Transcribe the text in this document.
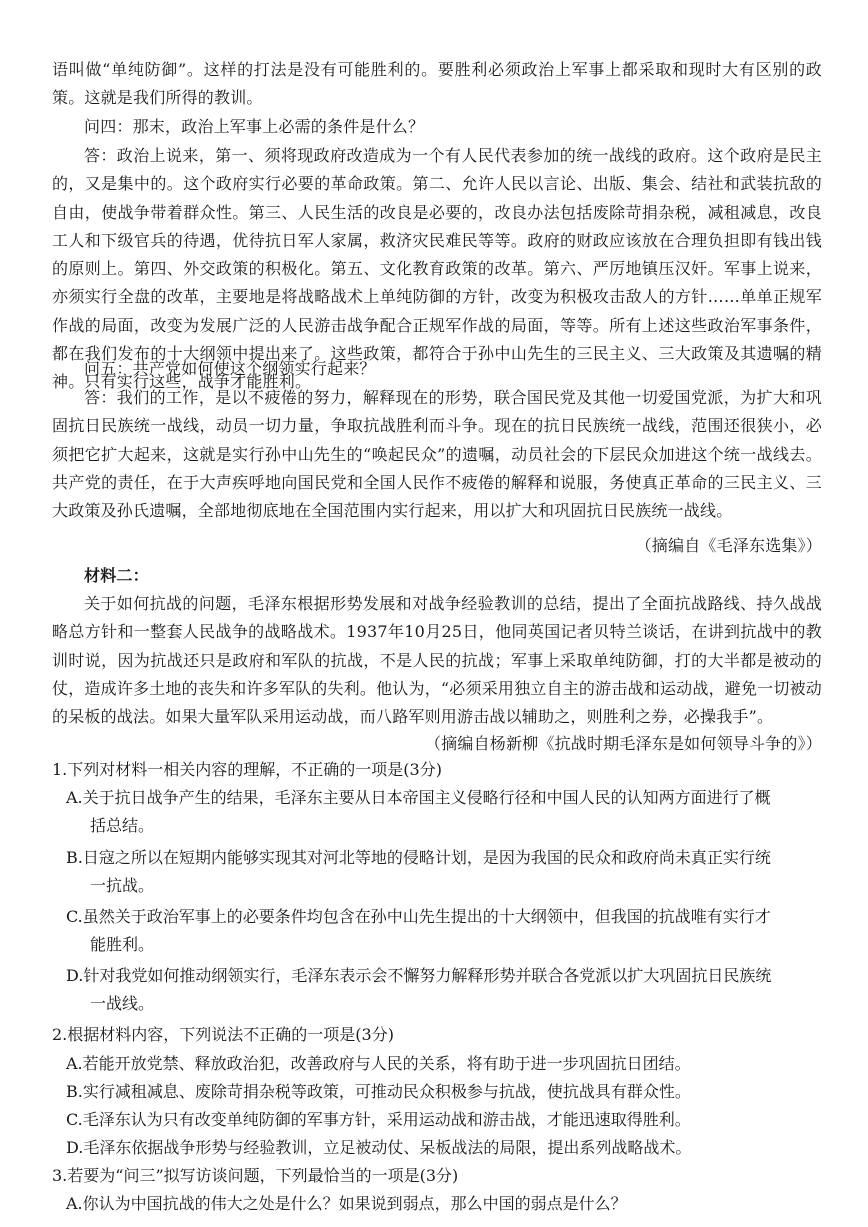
语叫做“单纯防御”。这样的打法是没有可能胜利的。要胜利必须政治上军事上都采取和现时大有区别的政策。这就是我们所得的教训。

问四：那末，政治上军事上必需的条件是什么？

答：政治上说来，第一、须将现政府改造成为一个有人民代表参加的统一战线的政府。这个政府是民主的，又是集中的。这个政府实行必要的革命政策。第二、允许人民以言论、出版、集会、结社和武装抗敌的自由，使战争带着群众性。第三、人民生活的改良是必要的，改良办法包括废除苛捐杂税，减租减息，改良工人和下级官兵的待遇，优待抗日军人家属，救济灾民难民等等。政府的财政应该放在合理负担即有钱出钱的原则上。第四、外交政策的积极化。第五、文化教育政策的改革。第六、严厉地镇压汉奸。军事上说来，亦须实行全盘的改革，主要地是将战略战术上单纯防御的方针，改变为积极攻击敌人的方针……单单正规军作战的局面，改变为发展广泛的人民游击战争配合正规军作战的局面，等等。所有上述这些政治军事条件，都在我们发布的十大纲领中提出来了。这些政策，都符合于孙中山先生的三民主义、三大政策及其遗嘱的精神。只有实行这些，战争才能胜利。

问五：共产党如何使这个纲领实行起来？

答：我们的工作，是以不疲倦的努力，解释现在的形势，联合国民党及其他一切爱国党派，为扩大和巩固抗日民族统一战线，动员一切力量，争取抗战胜利而斗争。现在的抗日民族统一战线，范围还很狭小，必须把它扩大起来，这就是实行孙中山先生的“唤起民众”的遗嘱，动员社会的下层民众加进这个统一战线去。共产党的责任，在于大声疾呼地向国民党和全国人民作不疲倦的解释和说服，务使真正革命的三民主义、三大政策及孙氏遗嘱，全部地彻底地在全国范围内实行起来，用以扩大和巩固抗日民族统一战线。

（摘编自《毛泽东选集》）

材料二：

关于如何抗战的问题，毛泽东根据形势发展和对战争经验教训的总结，提出了全面抗战路线、持久战战略总方针和一整套人民战争的战略战术。1937年10月25日，他同英国记者贝特兰谈话，在讲到抗战中的教训时说，因为抗战还只是政府和军队的抗战，不是人民的抗战；军事上采取单纯防御，打的大半都是被动的仗，造成许多土地的丧失和许多军队的失利。他认为，“必须采用独立自主的游击战和运动战，避免一切被动的呆板的战法。如果大量军队采用运动战，而八路军则用游击战以辅助之，则胜利之券，必操我手”。

（摘编自杨新柳《抗战时期毛泽东是如何领导斗争的》）

1.下列对材料一相关内容的理解，不正确的一项是(3分)

A.关于抗日战争产生的结果，毛泽东主要从日本帝国主义侵略行径和中国人民的认知两方面进行了概
括总结。

B.日寇之所以在短期内能够实现其对河北等地的侵略计划，是因为我国的民众和政府尚未真正实行统
一抗战。

C.虽然关于政治军事上的必要条件均包含在孙中山先生提出的十大纲领中，但我国的抗战唯有实行才
能胜利。

D.针对我党如何推动纲领实行，毛泽东表示会不懈努力解释形势并联合各党派以扩大巩固抗日民族统
一战线。

2.根据材料内容，下列说法不正确的一项是(3分)

A.若能开放党禁、释放政治犯，改善政府与人民的关系，将有助于进一步巩固抗日团结。

B.实行减租减息、废除苛捐杂税等政策，可推动民众积极参与抗战，使抗战具有群众性。

C.毛泽东认为只有改变单纯防御的军事方针，采用运动战和游击战，才能迅速取得胜利。

D.毛泽东依据战争形势与经验教训，立足被动仗、呆板战法的局限，提出系列战略战术。

3.若要为“问三”拟写访谈问题，下列最恰当的一项是(3分)

A.你认为中国抗战的伟大之处是什么？如果说到弱点，那么中国的弱点是什么？
